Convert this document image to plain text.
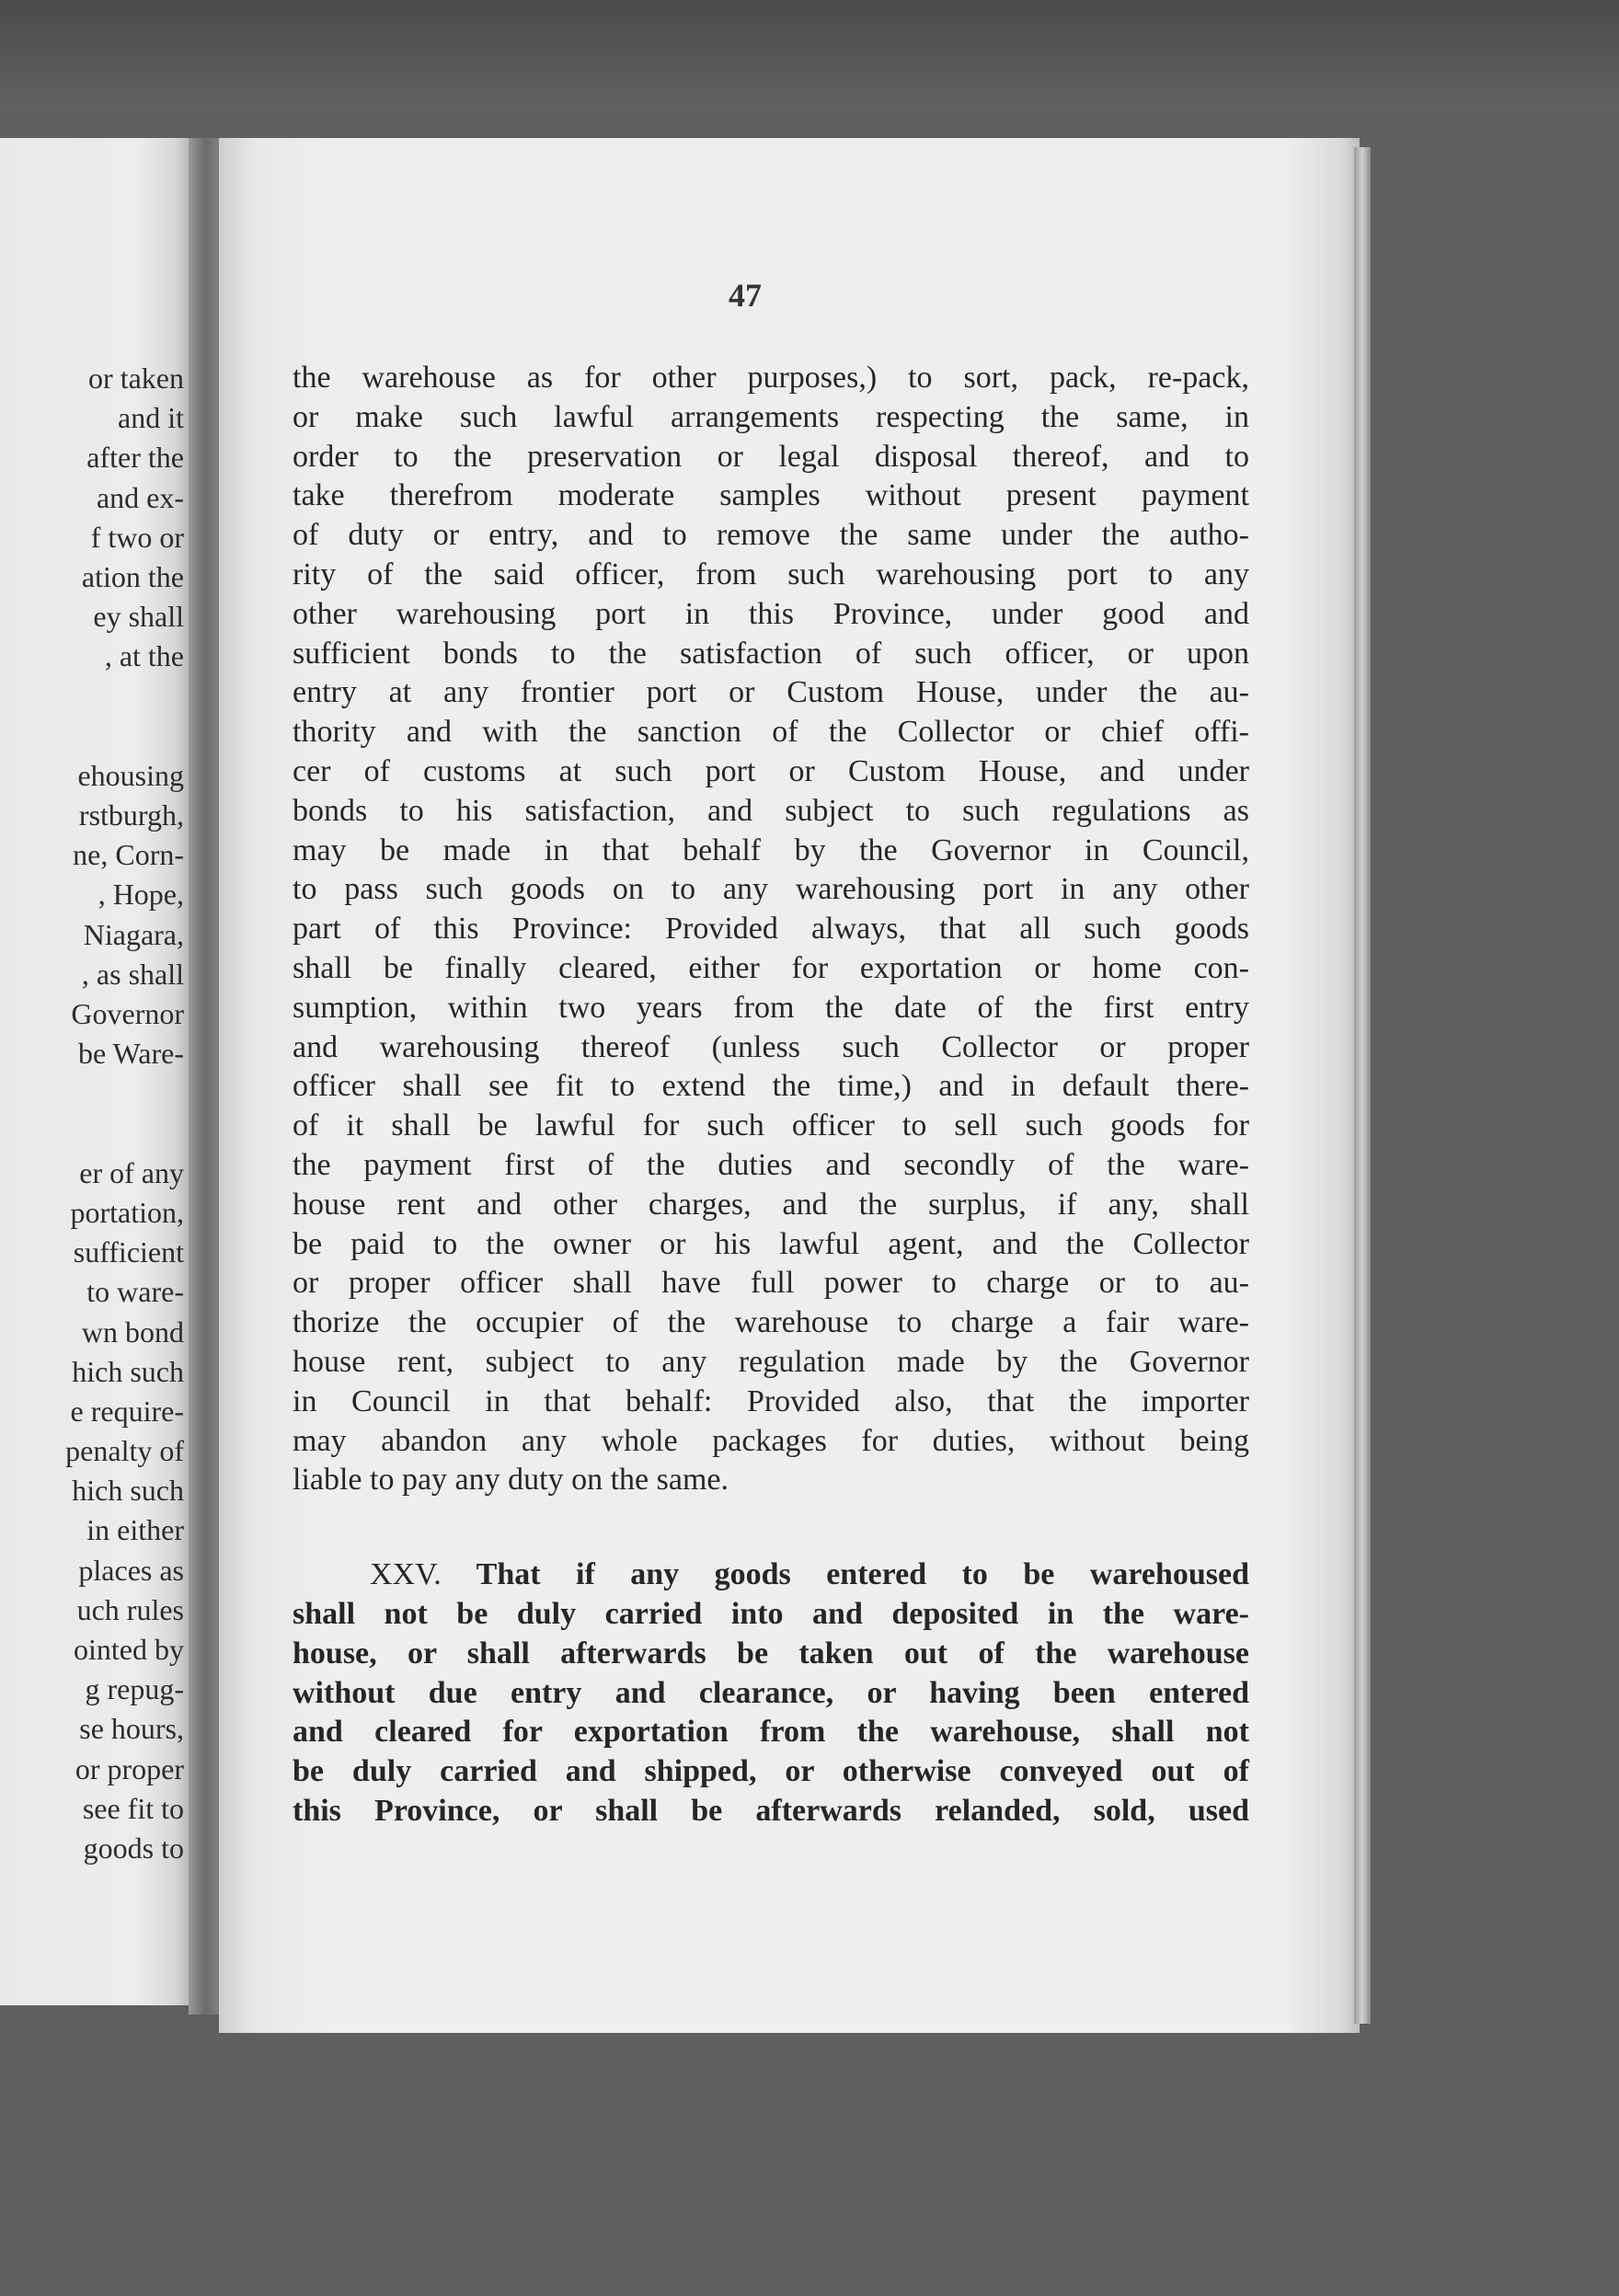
or taken
and it
after the
and ex-
f two or
ation the
ey shall
, at the
ehousing
rstburgh,
ne, Corn-
, Hope,
Niagara,
, as shall
Governor
be Ware-
er of any
portation,
sufficient
to ware-
wn bond
hich such
e require-
penalty of
hich such
in either
places as
uch rules
ointed by
g repug-
se hours,
or proper
see fit to
goods to
47
the warehouse as for other purposes,) to sort, pack, re-pack,
or make such lawful arrangements respecting the same, in
order to the preservation or legal disposal thereof, and to
take therefrom moderate samples without present payment
of duty or entry, and to remove the same under the autho-
rity of the said officer, from such warehousing port to any
other warehousing port in this Province, under good and
sufficient bonds to the satisfaction of such officer, or upon
entry at any frontier port or Custom House, under the au-
thority and with the sanction of the Collector or chief offi-
cer of customs at such port or Custom House, and under
bonds to his satisfaction, and subject to such regulations as
may be made in that behalf by the Governor in Council,
to pass such goods on to any warehousing port in any other
part of this Province: Provided always, that all such goods
shall be finally cleared, either for exportation or home con-
sumption, within two years from the date of the first entry
and warehousing thereof (unless such Collector or proper
officer shall see fit to extend the time,) and in default there-
of it shall be lawful for such officer to sell such goods for
the payment first of the duties and secondly of the ware-
house rent and other charges, and the surplus, if any, shall
be paid to the owner or his lawful agent, and the Collector
or proper officer shall have full power to charge or to au-
thorize the occupier of the warehouse to charge a fair ware-
house rent, subject to any regulation made by the Governor
in Council in that behalf: Provided also, that the importer
may abandon any whole packages for duties, without being
liable to pay any duty on the same.
XXV. That if any goods entered to be warehoused
shall not be duly carried into and deposited in the ware-
house, or shall afterwards be taken out of the warehouse
without due entry and clearance, or having been entered
and cleared for exportation from the warehouse, shall not
be duly carried and shipped, or otherwise conveyed out of
this Province, or shall be afterwards relanded, sold, used
